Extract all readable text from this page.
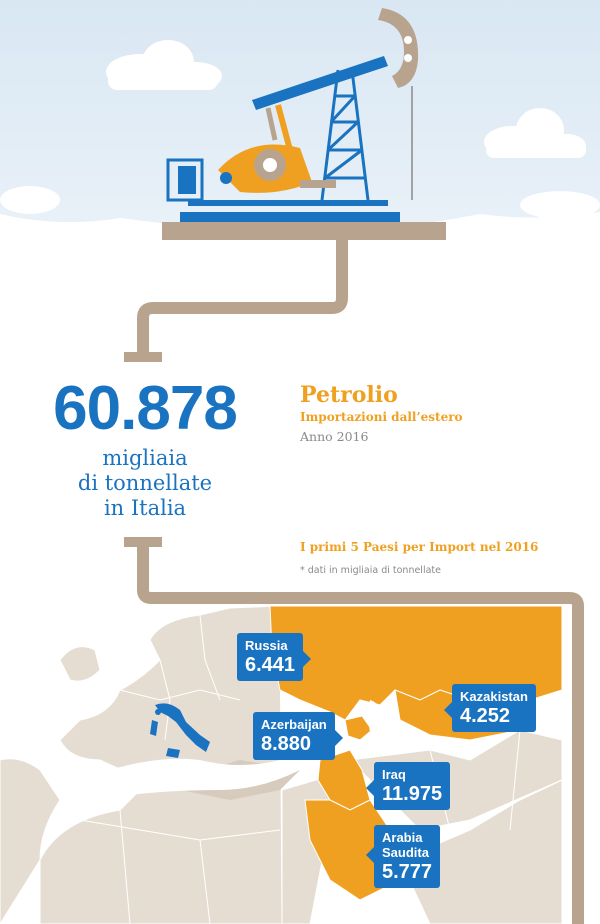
60.878
migliaia
di tonnellate
in Italia
Petrolio
Importazioni dall’estero
Anno 2016
I primi 5 Paesi per Import nel 2016
* dati in migliaia di tonnellate
Russia
6.441
Kazakistan
4.252
Azerbaijan
8.880
Iraq
11.975
Arabia
Saudita
5.777
